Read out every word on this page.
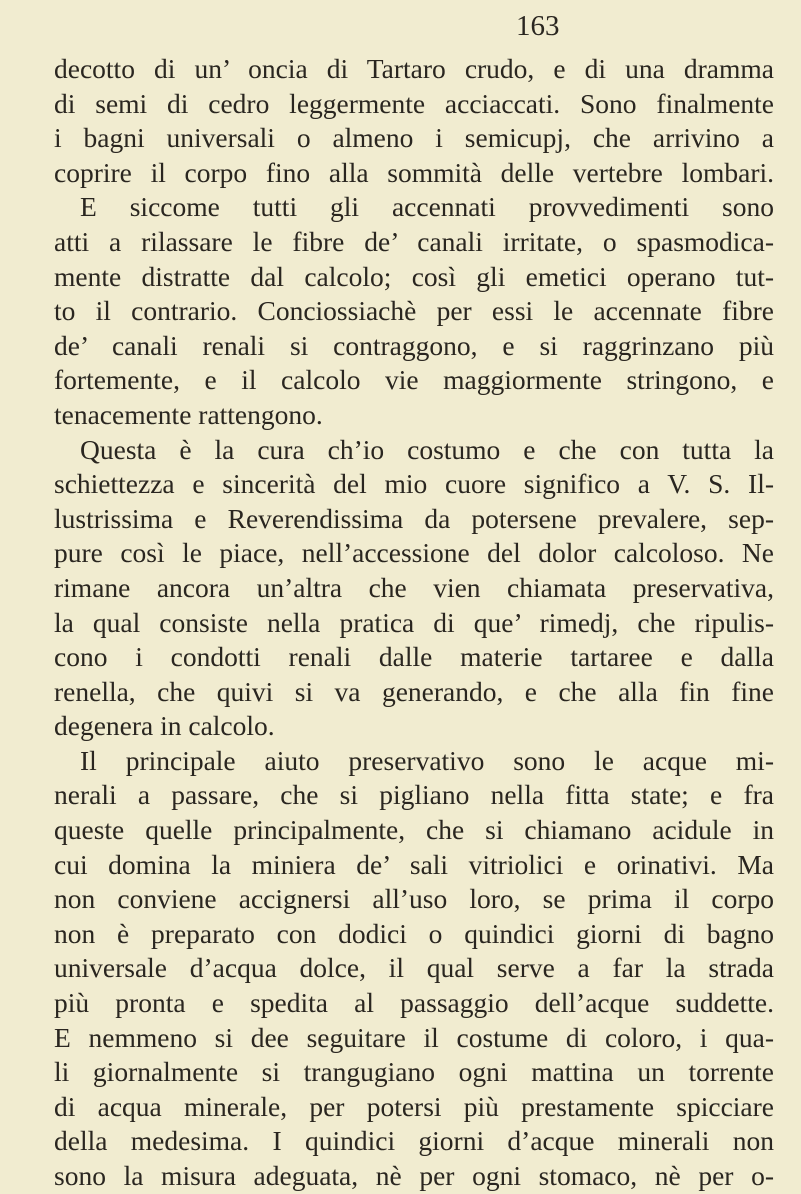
163
decotto di un’ oncia di Tartaro crudo, e di una dramma
di semi di cedro leggermente acciaccati. Sono finalmente
i bagni universali o almeno i semicupj, che arrivino a
coprire il corpo fino alla sommità delle vertebre lombari.
E siccome tutti gli accennati provvedimenti sono
atti a rilassare le fibre de’ canali irritate, o spasmodica-
mente distratte dal calcolo; così gli emetici operano tut-
to il contrario. Conciossiachè per essi le accennate fibre
de’ canali renali si contraggono, e si raggrinzano più
fortemente, e il calcolo vie maggiormente stringono, e
tenacemente rattengono.
Questa è la cura ch’io costumo e che con tutta la
schiettezza e sincerità del mio cuore significo a V. S. Il-
lustrissima e Reverendissima da potersene prevalere, sep-
pure così le piace, nell’accessione del dolor calcoloso. Ne
rimane ancora un’altra che vien chiamata preservativa,
la qual consiste nella pratica di que’ rimedj, che ripulis-
cono i condotti renali dalle materie tartaree e dalla
renella, che quivi si va generando, e che alla fin fine
degenera in calcolo.
Il principale aiuto preservativo sono le acque mi-
nerali a passare, che si pigliano nella fitta state; e fra
queste quelle principalmente, che si chiamano acidule in
cui domina la miniera de’ sali vitriolici e orinativi. Ma
non conviene accignersi all’uso loro, se prima il corpo
non è preparato con dodici o quindici giorni di bagno
universale d’acqua dolce, il qual serve a far la strada
più pronta e spedita al passaggio dell’acque suddette.
E nemmeno si dee seguitare il costume di coloro, i qua-
li giornalmente si trangugiano ogni mattina un torrente
di acqua minerale, per potersi più prestamente spicciare
della medesima. I quindici giorni d’acque minerali non
sono la misura adeguata, nè per ogni stomaco, nè per o-
